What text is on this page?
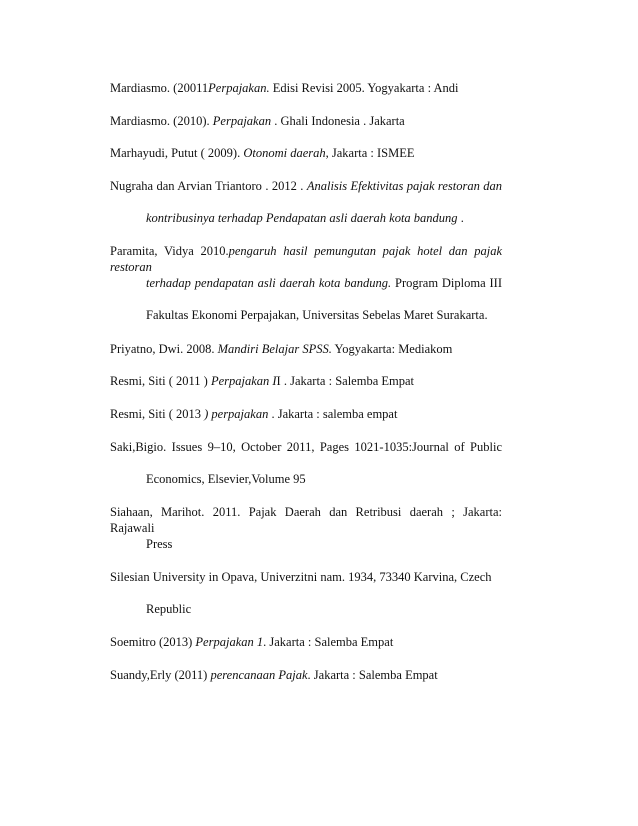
Mardiasmo. (20011Perpajakan. Edisi Revisi 2005. Yogyakarta : Andi
Mardiasmo. (2010). Perpajakan . Ghali Indonesia . Jakarta
Marhayudi, Putut ( 2009). Otonomi daerah, Jakarta : ISMEE
Nugraha dan Arvian Triantoro . 2012 . Analisis Efektivitas pajak restoran dan
kontribusinya terhadap Pendapatan asli daerah kota bandung .
Paramita, Vidya 2010.pengaruh hasil pemungutan pajak hotel dan pajak restoran
terhadap pendapatan asli daerah kota bandung. Program Diploma III
Fakultas Ekonomi Perpajakan, Universitas Sebelas Maret Surakarta.
Priyatno, Dwi. 2008. Mandiri Belajar SPSS. Yogyakarta: Mediakom
Resmi, Siti ( 2011 ) Perpajakan II . Jakarta : Salemba Empat
Resmi, Siti ( 2013 ) perpajakan . Jakarta : salemba empat
Saki,Bigio. Issues 9–10, October 2011, Pages 1021-1035:Journal of Public
Economics, Elsevier,Volume 95
Siahaan, Marihot. 2011. Pajak Daerah dan Retribusi daerah ; Jakarta: Rajawali
Press
Silesian University in Opava, Univerzitni nam. 1934, 73340 Karvina, Czech
Republic
Soemitro (2013) Perpajakan 1. Jakarta : Salemba Empat
Suandy,Erly (2011) perencanaan Pajak. Jakarta : Salemba Empat
